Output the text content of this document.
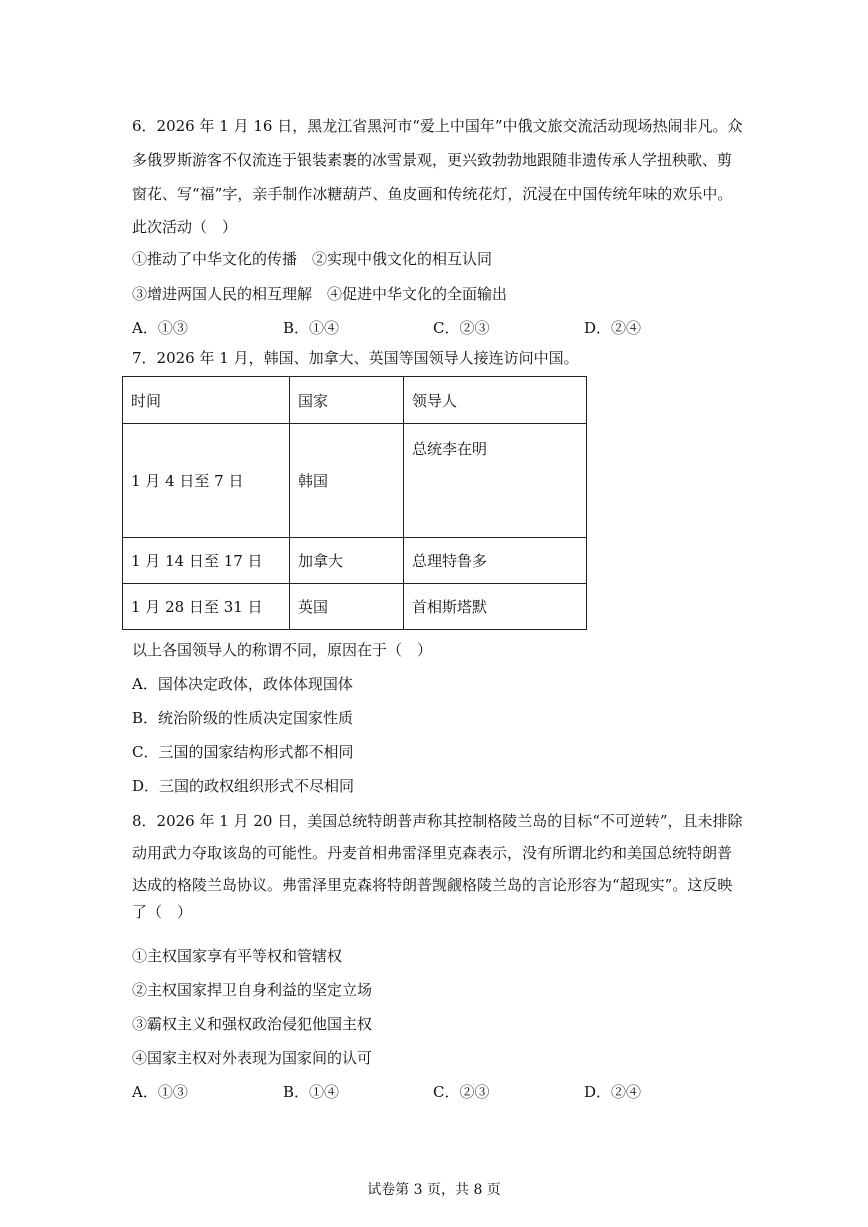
6．2026 年 1 月 16 日，黑龙江省黑河市“爱上中国年”中俄文旅交流活动现场热闹非凡。众
多俄罗斯游客不仅流连于银装素裹的冰雪景观，更兴致勃勃地跟随非遗传承人学扭秧歌、剪
窗花、写“福”字，亲手制作冰糖葫芦、鱼皮画和传统花灯，沉浸在中国传统年味的欢乐中。
此次活动（　）
①推动了中华文化的传播　②实现中俄文化的相互认同
③增进两国人民的相互理解　④促进中华文化的全面输出
A．①③	B．①④	C．②③	D．②④
7．2026 年 1 月，韩国、加拿大、英国等国领导人接连访问中国。
时间	国家	领导人
1 月 4 日至 7 日	韩国	总统李在明
1 月 14 日至 17 日	加拿大	总理特鲁多
1 月 28 日至 31 日	英国	首相斯塔默
以上各国领导人的称谓不同，原因在于（　）
A．国体决定政体，政体体现国体
B．统治阶级的性质决定国家性质
C．三国的国家结构形式都不相同
D．三国的政权组织形式不尽相同
8．2026 年 1 月 20 日，美国总统特朗普声称其控制格陵兰岛的目标“不可逆转”，且未排除
动用武力夺取该岛的可能性。丹麦首相弗雷泽里克森表示，没有所谓北约和美国总统特朗普
达成的格陵兰岛协议。弗雷泽里克森将特朗普觊觎格陵兰岛的言论形容为“超现实”。这反映
了（　）
①主权国家享有平等权和管辖权
②主权国家捍卫自身利益的坚定立场
③霸权主义和强权政治侵犯他国主权
④国家主权对外表现为国家间的认可
A．①③	B．①④	C．②③	D．②④
试卷第 3 页，共 8 页
